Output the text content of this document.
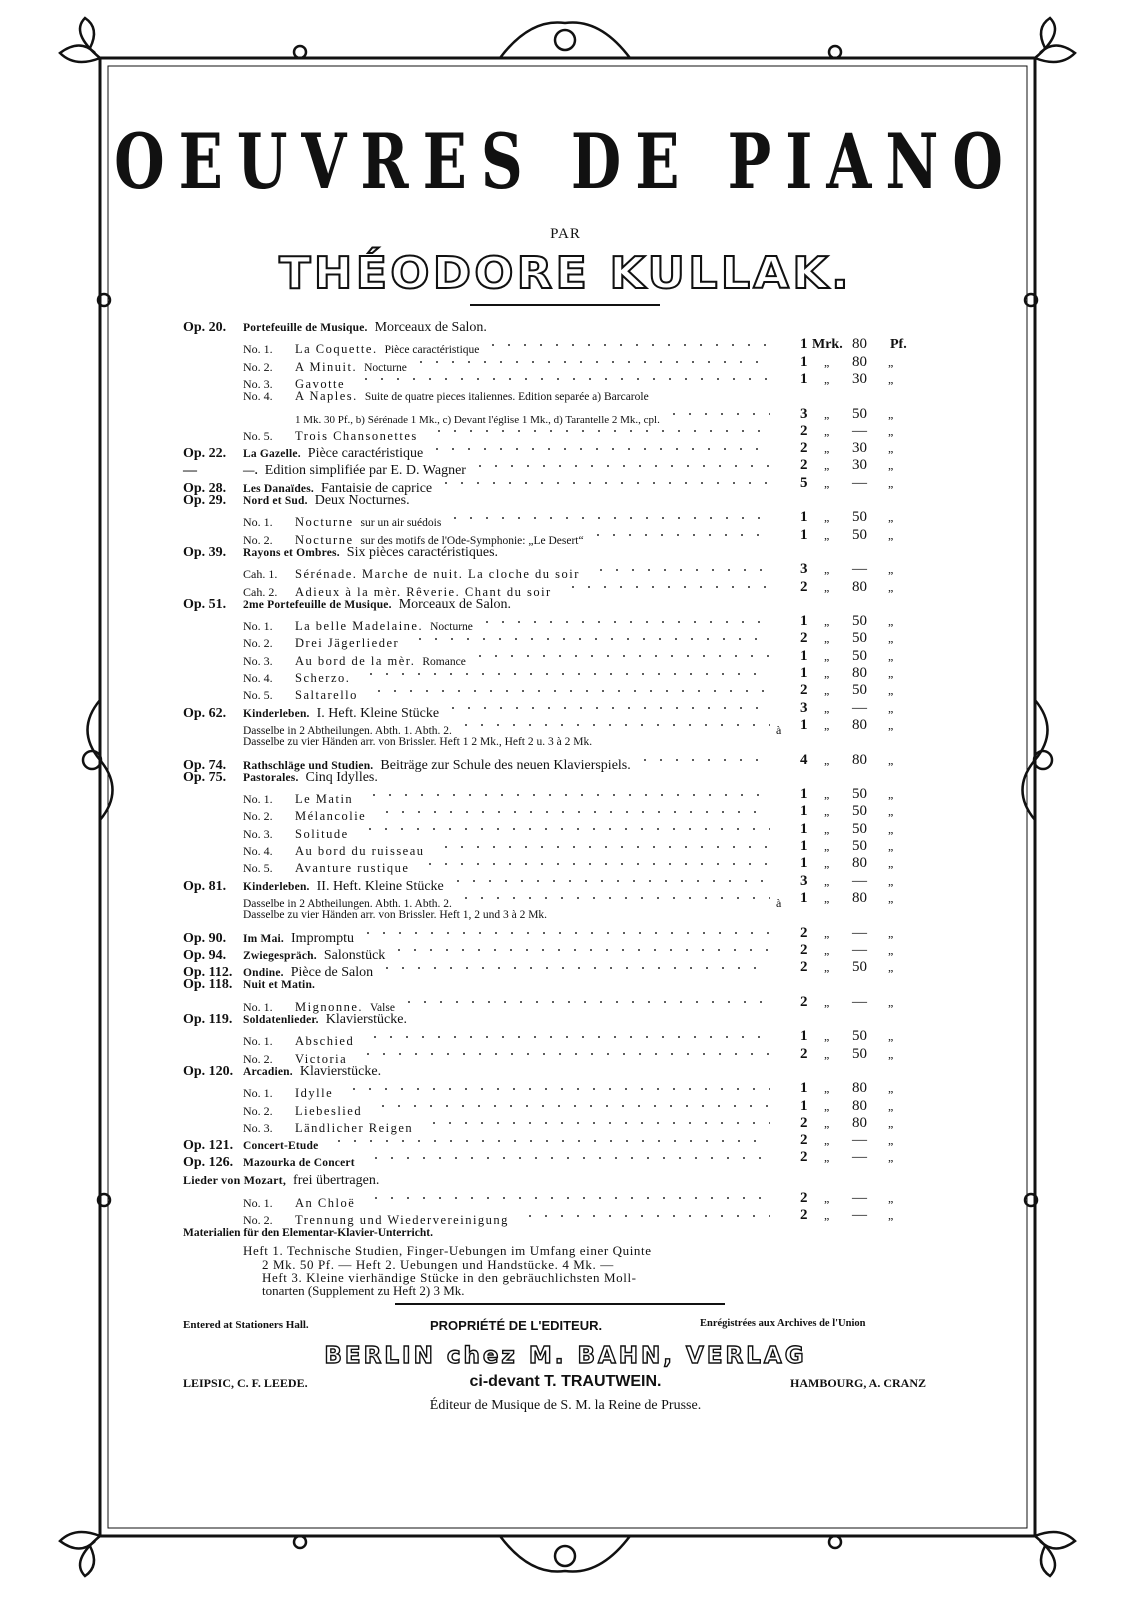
OEUVRES DE PIANO
PAR
THÉODORE KULLAK.
Op. 20.	Portefeuille de Musique. Morceaux de Salon.
No. 1.	La Coquette. Pièce caractéristique	1 Mrk. 80 Pf.
No. 2.	A Minuit. Nocturne	1 „ 80 „
No. 3.	Gavotte	1 „ 30 „
No. 4.	A Naples. Suite de quatre pieces italiennes. Edition separée a) Barcarole
1 Mk. 30 Pf., b) Sérénade 1 Mk., c) Devant l'église 1 Mk., d) Tarantelle 2 Mk., cpl.	3 „ 50 „
No. 5.	Trois Chansonettes	2 „ — „
Op. 22.	La Gazelle. Pièce caractéristique	2 „ 30 „
—	—. Edition simplifiée par E. D. Wagner	2 „ 30 „
Op. 28.	Les Danaïdes. Fantaisie de caprice	5 „ — „
Op. 29.	Nord et Sud. Deux Nocturnes.
No. 1.	Nocturne sur un air suédois	1 „ 50 „
No. 2.	Nocturne sur des motifs de l'Ode-Symphonie: „Le Desert“	1 „ 50 „
Op. 39.	Rayons et Ombres. Six pièces caractéristiques.
Cah. 1.	Sérénade. Marche de nuit. La cloche du soir	3 „ — „
Cah. 2.	Adieux à la mèr. Rêverie. Chant du soir	2 „ 80 „
Op. 51.	2me Portefeuille de Musique. Morceaux de Salon.
No. 1.	La belle Madelaine. Nocturne	1 „ 50 „
No. 2.	Drei Jägerlieder	2 „ 50 „
No. 3.	Au bord de la mèr. Romance	1 „ 50 „
No. 4.	Scherzo.	1 „ 80 „
No. 5.	Saltarello	2 „ 50 „
Op. 62.	Kinderleben. I. Heft. Kleine Stücke	3 „ — „
Dasselbe in 2 Abtheilungen. Abth. 1. Abth. 2.	à	1 „ 80 „
Dasselbe zu vier Händen arr. von Brissler. Heft 1 2 Mk., Heft 2 u. 3 à 2 Mk.
Op. 74.	Rathschläge und Studien. Beiträge zur Schule des neuen Klavierspiels.	4 „ 80 „
Op. 75.	Pastorales. Cinq Idylles.
No. 1.	Le Matin	1 „ 50 „
No. 2.	Mélancolie	1 „ 50 „
No. 3.	Solitude	1 „ 50 „
No. 4.	Au bord du ruisseau	1 „ 50 „
No. 5.	Avanture rustique	1 „ 80 „
Op. 81.	Kinderleben. II. Heft. Kleine Stücke	3 „ — „
Dasselbe in 2 Abtheilungen. Abth. 1. Abth. 2.	à	1 „ 80 „
Dasselbe zu vier Händen arr. von Brissler. Heft 1, 2 und 3 à 2 Mk.
Op. 90.	Im Mai. Impromptu	2 „ — „
Op. 94.	Zwiegespräch. Salonstück	2 „ — „
Op. 112. Ondine. Pièce de Salon	2 „ 50 „
Op. 118. Nuit et Matin.
No. 1.	Mignonne. Valse	2 „ — „
Op. 119. Soldatenlieder. Klavierstücke.
No. 1.	Abschied	1 „ 50 „
No. 2.	Victoria	2 „ 50 „
Op. 120. Arcadien. Klavierstücke.
No. 1.	Idylle	1 „ 80 „
No. 2.	Liebeslied	1 „ 80 „
No. 3.	Ländlicher Reigen	2 „ 80 „
Op. 121. Concert-Etude	2 „ — „
Op. 126. Mazourka de Concert	2 „ — „
Lieder von Mozart, frei übertragen.
No. 1.	An Chloë	2 „ — „
No. 2.	Trennung und Wiedervereinigung	2 „ — „
Materialien für den Elementar-Klavier-Unterricht.
Heft 1. Technische Studien, Finger-Uebungen im Umfang einer Quinte
2 Mk. 50 Pf. — Heft 2. Uebungen und Handstücke. 4 Mk. —
Heft 3. Kleine vierhändige Stücke in den gebräuchlichsten Moll-
tonarten (Supplement zu Heft 2) 3 Mk.
Entered at Stationers Hall.	PROPRIÉTÉ DE L'EDITEUR.	Enrégistrées aux Archives de l'Union
BERLIN chez M. BAHN, VERLAG
LEIPSIC, C. F. LEEDE.	ci-devant T. TRAUTWEIN.	HAMBOURG, A. CRANZ
Éditeur de Musique de S. M. la Reine de Prusse.
